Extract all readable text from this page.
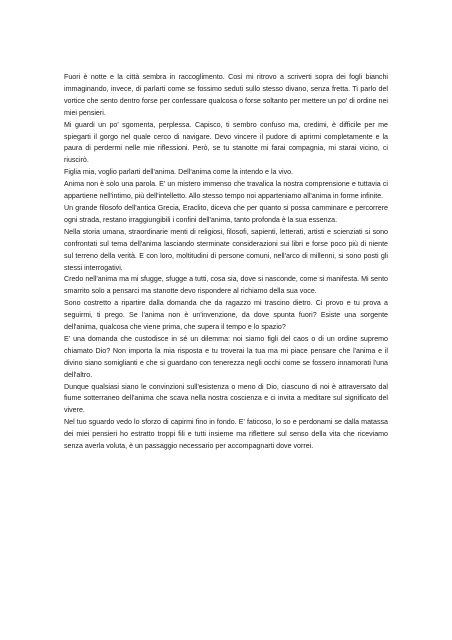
Fuori è notte e la città sembra in raccoglimento. Così mi ritrovo a scriverti sopra dei fogli bianchi immaginando, invece, di parlarti come se fossimo seduti sullo stesso divano, senza fretta. Ti parlo del vortice che sento dentro forse per confessare qualcosa o forse soltanto per mettere un po' di ordine nei miei pensieri.

Mi guardi un po' sgomenta, perplessa. Capisco, ti sembro confuso ma, credimi, è difficile per me spiegarti il gorgo nel quale cerco di navigare. Devo vincere il pudore di aprirmi completamente e la paura di perdermi nelle mie riflessioni. Però, se tu stanotte mi farai compagnia, mi starai vicino, ci riuscirò.

Figlia mia, voglio parlarti dell'anima. Dell'anima come la intendo e la vivo.

Anima non è solo una parola. E' un mistero immenso che travalica la nostra comprensione e tuttavia ci appartiene nell'intimo, più dell'intelletto. Allo stesso tempo noi apparteniamo all'anima in forme infinite.

Un grande filosofo dell'antica Grecia, Eraclito, diceva che per quanto si possa camminare e percorrere ogni strada, restano irraggiungibili i confini dell'anima, tanto profonda è la sua essenza.

Nella storia umana, straordinarie menti di religiosi, filosofi, sapienti, letterati, artisti e scienziati si sono confrontati sul tema dell'anima lasciando sterminate considerazioni sui libri e forse poco più di niente sul terreno della verità. E con loro, moltitudini di persone comuni, nell'arco di millenni, si sono posti gli stessi interrogativi.

Credo nell'anima ma mi sfugge, sfugge a tutti, cosa sia, dove si nasconde, come si manifesta. Mi sento smarrito solo a pensarci ma stanotte devo rispondere al richiamo della sua voce.

Sono costretto a ripartire dalla domanda che da ragazzo mi trascino dietro. Ci provo e tu prova a seguirmi, ti prego. Se l'anima non è un'invenzione, da dove spunta fuori? Esiste una sorgente dell'anima, qualcosa che viene prima, che supera il tempo e lo spazio?

E' una domanda che custodisce in sé un dilemma: noi siamo figli del caos o di un ordine supremo chiamato Dio? Non importa la mia risposta e tu troverai la tua ma mi piace pensare che l'anima e il divino siano somiglianti e che si guardano con tenerezza negli occhi come se fossero innamorati l'una dell'altro.

Dunque qualsiasi siano le convinzioni sull'esistenza o meno di Dio, ciascuno di noi è attraversato dal fiume sotterraneo dell'anima che scava nella nostra coscienza e ci invita a meditare sul significato del vivere.

Nel tuo sguardo vedo lo sforzo di capirmi fino in fondo. E' faticoso, lo so e perdonami se dalla matassa dei miei pensieri ho estratto troppi fili e tutti insieme ma riflettere sul senso della vita che riceviamo senza averla voluta, è un passaggio necessario per accompagnarti dove vorrei.
